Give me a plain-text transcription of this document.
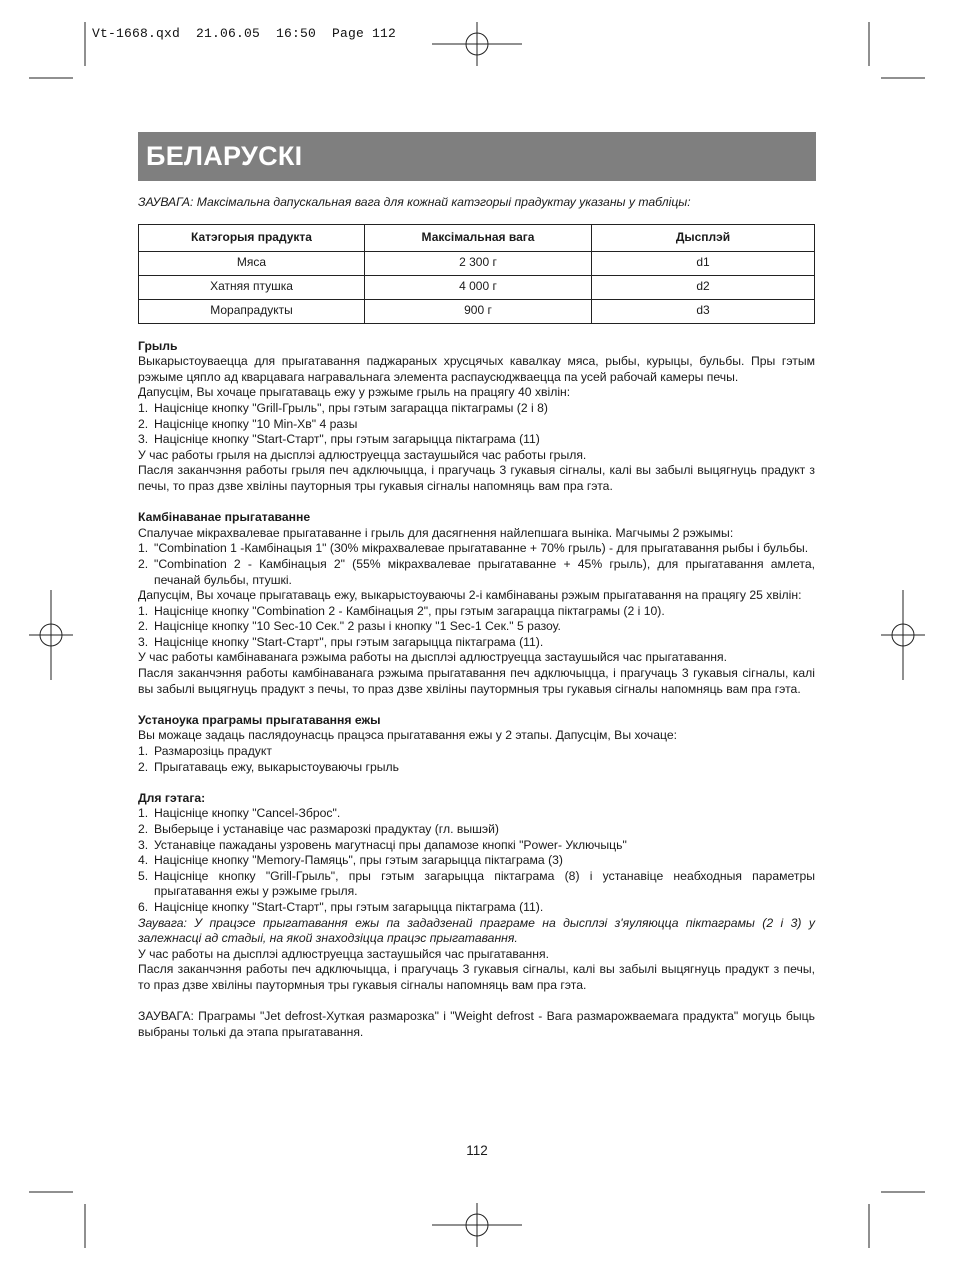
Vt-1668.qxd  21.06.05  16:50  Page 112
БЕЛАРУСКІ

ЗАУВАГА: Максімальна дапускальная вага для кожнай катэгорыі прадуктау указаны у таблiцы:

Катэгорыя прадукта	Максімальная вага	Дысплэй
Мяса	2 300 г	d1
Хатняя птушка	4 000 г	d2
Морапрадукты	900 г	d3

Грыль

Выкарыстоуваецца для прыгатавання паджараных хрусцячых кавалкау мяса, рыбы, курыцы, бульбы. Пры гэтым рэжыме цяпло ад кварцавага награвальнага элемента распаусюджваецца па усей рабочай камеры печы.

Дапусцім, Вы хочаце прыгатаваць ежу у рэжыме грыль на працягу 40 хвілін:

1. Націсніце кнопку "Grill-Грыль", пры гэтым загарацца піктаграмы (2 і 8)
2. Націсніце кнопку "10 Min-Хв" 4 разы
3. Націсніце кнопку "Start-Старт", пры гэтым загарыцца піктаграма (11)

У час работы грыля на дысплэі адлюструецца застаушыйся час работы грыля.

Пасля заканчэння работы грыля печ адключыцца, і прагучаць 3 гукавыя сігналы, калі вы забылі выцягнуць прадукт з печы, то праз дзве хвіліны пауторныя тры гукавыя сігналы напомняць вам пра гэта.

Камбінаванае прыгатаванне

Спалучае мікрахвалевае прыгатаванне і грыль для дасягнення найлепшага выніка. Магчымы 2 рэжымы:

1. "Combination 1 -Камбінацыя 1" (30% мікрахвалевае прыгатаванне + 70% грыль) - для прыгатавання рыбы і бульбы.
2. "Combination 2 - Камбінацыя 2" (55% мікрахвалевае прыгатаванне + 45% грыль), для прыгатавання амлета, печанай бульбы, птушкі.

Дапусцім, Вы хочаце прыгатаваць ежу, выкарыстоуваючы 2-і камбінаваны рэжым прыгатавання на працягу 25 хвілін:

1. Націсніце кнопку "Combination 2 - Камбінацыя 2", пры гэтым загарацца піктаграмы (2 і 10).
2. Націсніце кнопку "10 Sec-10 Сек." 2 разы і кнопку "1 Sec-1 Сек." 5 разоу.
3. Націсніце кнопку "Start-Старт", пры гэтым загарыцца піктаграма (11).

У час работы камбінаванага рэжыма работы на дысплэі адлюструецца застаушыйся час прыгатавання.

Пасля заканчэння работы камбінаванага рэжыма прыгатавання печ адключыцца, і прагучаць 3 гукавыя сігналы, калі вы забылі выцягнуць прадукт з печы, то праз дзве хвіліны паутормныя тры гукавыя сігналы напомняць вам пра гэта.

Устаноука праграмы прыгатавання ежы

Вы можаце задаць паслядоунасць працэса прыгатавання ежы у 2 этапы. Дапусцім, Вы хочаце:

1. Размарозіць прадукт
2. Прыгатаваць ежу, выкарыстоуваючы грыль

Для гэтага:

1. Націсніце кнопку "Cancel-Збрoс".
2. Выберыце і устанавіце час размарозкі прадуктау (гл. вышэй)
3. Устанавіце пажаданы узровень магутнасці пры дапамозе кнопкі "Power- Уключыць"
4. Націсніце кнопку "Memory-Памяць", пры гэтым загарыцца піктаграма (3)
5. Націсніце кнопку "Grill-Грыль", пры гэтым загарыцца піктаграма (8) і устанавіце неабходныя параметры прыгатавання ежы у рэжыме грыля.
6. Націсніце кнопку "Start-Старт", пры гэтым загарыцца піктаграма (11).

Заувага: У працэсе прыгатавання ежы па зададзенай праграме на дысплэі з'яуляюцца піктаграмы (2 і 3) у залежнасці ад стадыі, на якой знаходзіцца працэс прыгатавання.

У час работы на дысплэі адлюструецца застаушыйся час прыгатавання.

Пасля заканчэння работы печ адключыцца, і прагучаць 3 гукавыя сігналы, калі вы забылі выцягнуць прадукт з печы, то праз дзве хвіліны паутормныя тры гукавыя сігналы напомняць вам пра гэта.

ЗАУВАГА: Праграмы "Jet defrost-Хуткая размарозка" і "Weight defrost - Вага размарожваемага прадукта" могуць быць выбраны толькі да этапа прыгатавання.

112
